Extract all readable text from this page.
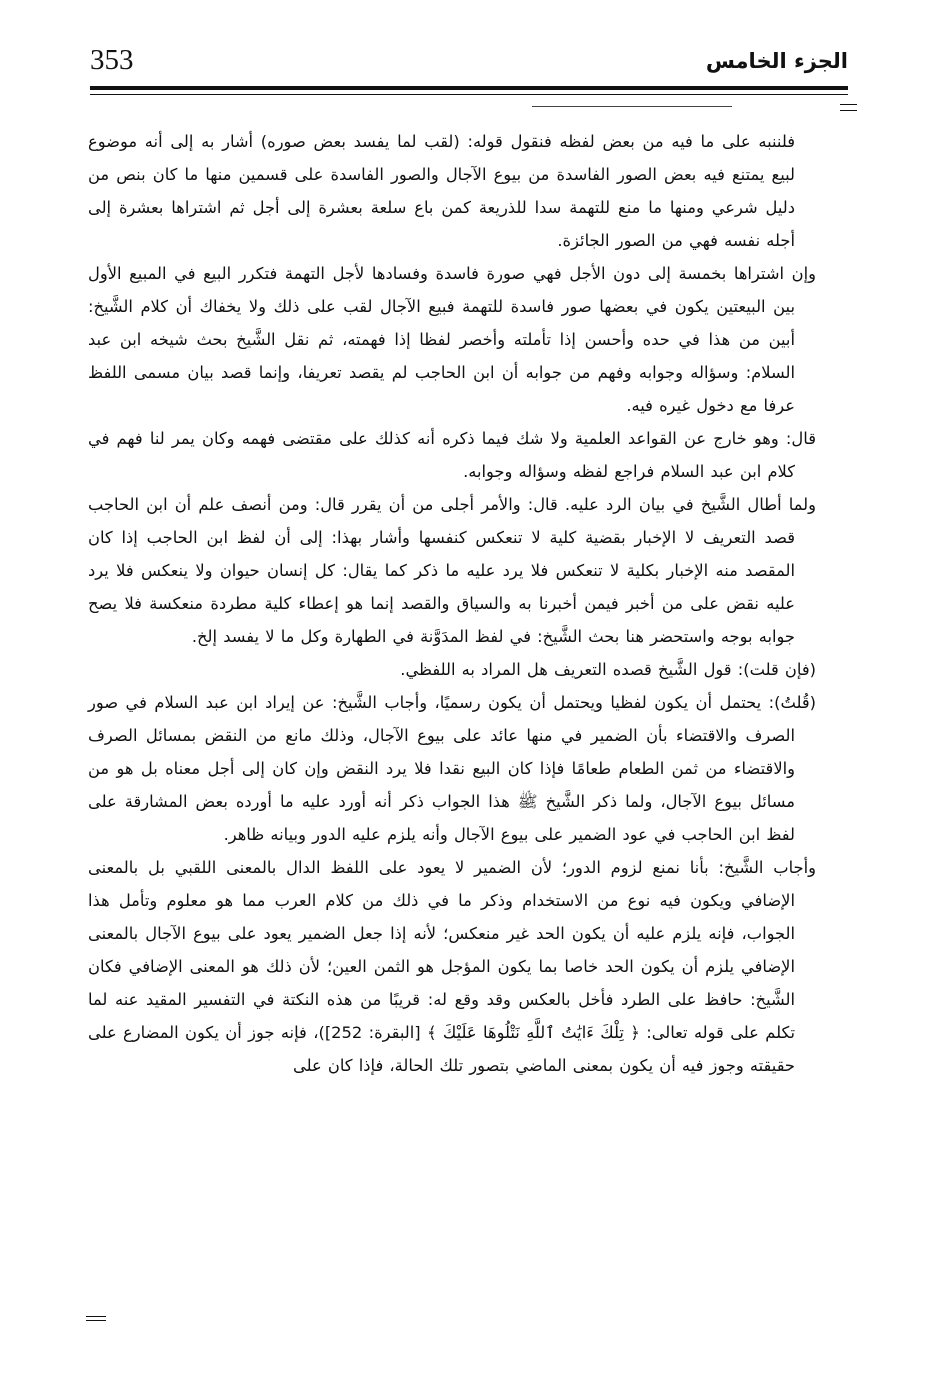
353	الجزء الخامس

فلننبه على ما فيه من بعض لفظه فنقول قوله: (لقب لما يفسد بعض صوره) أشار به إلى أنه موضوع لبيع يمتنع فيه بعض الصور الفاسدة من بيوع الآجال والصور الفاسدة على قسمين منها ما كان بنص من دليل شرعي ومنها ما منع للتهمة سدا للذريعة كمن باع سلعة بعشرة إلى أجل ثم اشتراها بعشرة إلى أجله نفسه فهي من الصور الجائزة.

وإن اشتراها بخمسة إلى دون الأجل فهي صورة فاسدة وفسادها لأجل التهمة فتكرر البيع في المبيع الأول بين البيعتين يكون في بعضها صور فاسدة للتهمة فبيع الآجال لقب على ذلك ولا يخفاك أن كلام الشَّيخ: أبين من هذا في حده وأحسن إذا تأملته وأخصر لفظا إذا فهمته، ثم نقل الشَّيخ بحث شيخه ابن عبد السلام: وسؤاله وجوابه وفهم من جوابه أن ابن الحاجب لم يقصد تعريفا، وإنما قصد بيان مسمى اللفظ عرفا مع دخول غيره فيه.

قال: وهو خارج عن القواعد العلمية ولا شك فيما ذكره أنه كذلك على مقتضى فهمه وكان يمر لنا فهم في كلام ابن عبد السلام فراجع لفظه وسؤاله وجوابه.

ولما أطال الشَّيخ في بيان الرد عليه. قال: والأمر أجلى من أن يقرر قال: ومن أنصف علم أن ابن الحاجب قصد التعريف لا الإخبار بقضية كلية لا تنعكس كنفسها وأشار بهذا: إلى أن لفظ ابن الحاجب إذا كان المقصد منه الإخبار بكلية لا تنعكس فلا يرد عليه ما ذكر كما يقال: كل إنسان حيوان ولا ينعكس فلا يرد عليه نقض على من أخبر فيمن أخبرنا به والسياق والقصد إنما هو إعطاء كلية مطردة منعكسة فلا يصح جوابه بوجه واستحضر هنا بحث الشَّيخ: في لفظ المدَوَّنة في الطهارة وكل ما لا يفسد إلخ.

(فإن قلت): قول الشَّيخ قصده التعريف هل المراد به اللفظي.

(قُلتُ): يحتمل أن يكون لفظيا ويحتمل أن يكون رسميًا، وأجاب الشَّيخ: عن إيراد ابن عبد السلام في صور الصرف والاقتضاء بأن الضمير في منها عائد على بيوع الآجال، وذلك مانع من النقض بمسائل الصرف والاقتضاء من ثمن الطعام طعامًا فإذا كان البيع نقدا فلا يرد النقض وإن كان إلى أجل معناه بل هو من مسائل بيوع الآجال، ولما ذكر الشَّيخ ﷺ هذا الجواب ذكر أنه أورد عليه ما أورده بعض المشارقة على لفظ ابن الحاجب في عود الضمير على بيوع الآجال وأنه يلزم عليه الدور وبيانه ظاهر.

وأجاب الشَّيخ: بأنا نمنع لزوم الدور؛ لأن الضمير لا يعود على اللفظ الدال بالمعنى اللقبي بل بالمعنى الإضافي ويكون فيه نوع من الاستخدام وذكر ما في ذلك من كلام العرب مما هو معلوم وتأمل هذا الجواب، فإنه يلزم عليه أن يكون الحد غير منعكس؛ لأنه إذا جعل الضمير يعود على بيوع الآجال بالمعنى الإضافي يلزم أن يكون الحد خاصا بما يكون المؤجل هو الثمن العين؛ لأن ذلك هو المعنى الإضافي فكان الشَّيخ: حافظ على الطرد فأخل بالعكس وقد وقع له: قريبًا من هذه النكتة في التفسير المقيد عنه لما تكلم على قوله تعالى: ﴿ تِلْكَ ءَايَٰتُ ٱللَّهِ نَتْلُوهَا عَلَيْكَ ﴾ [البقرة: 252])، فإنه جوز أن يكون المضارع على حقيقته وجوز فيه أن يكون بمعنى الماضي بتصور تلك الحالة، فإذا كان على
